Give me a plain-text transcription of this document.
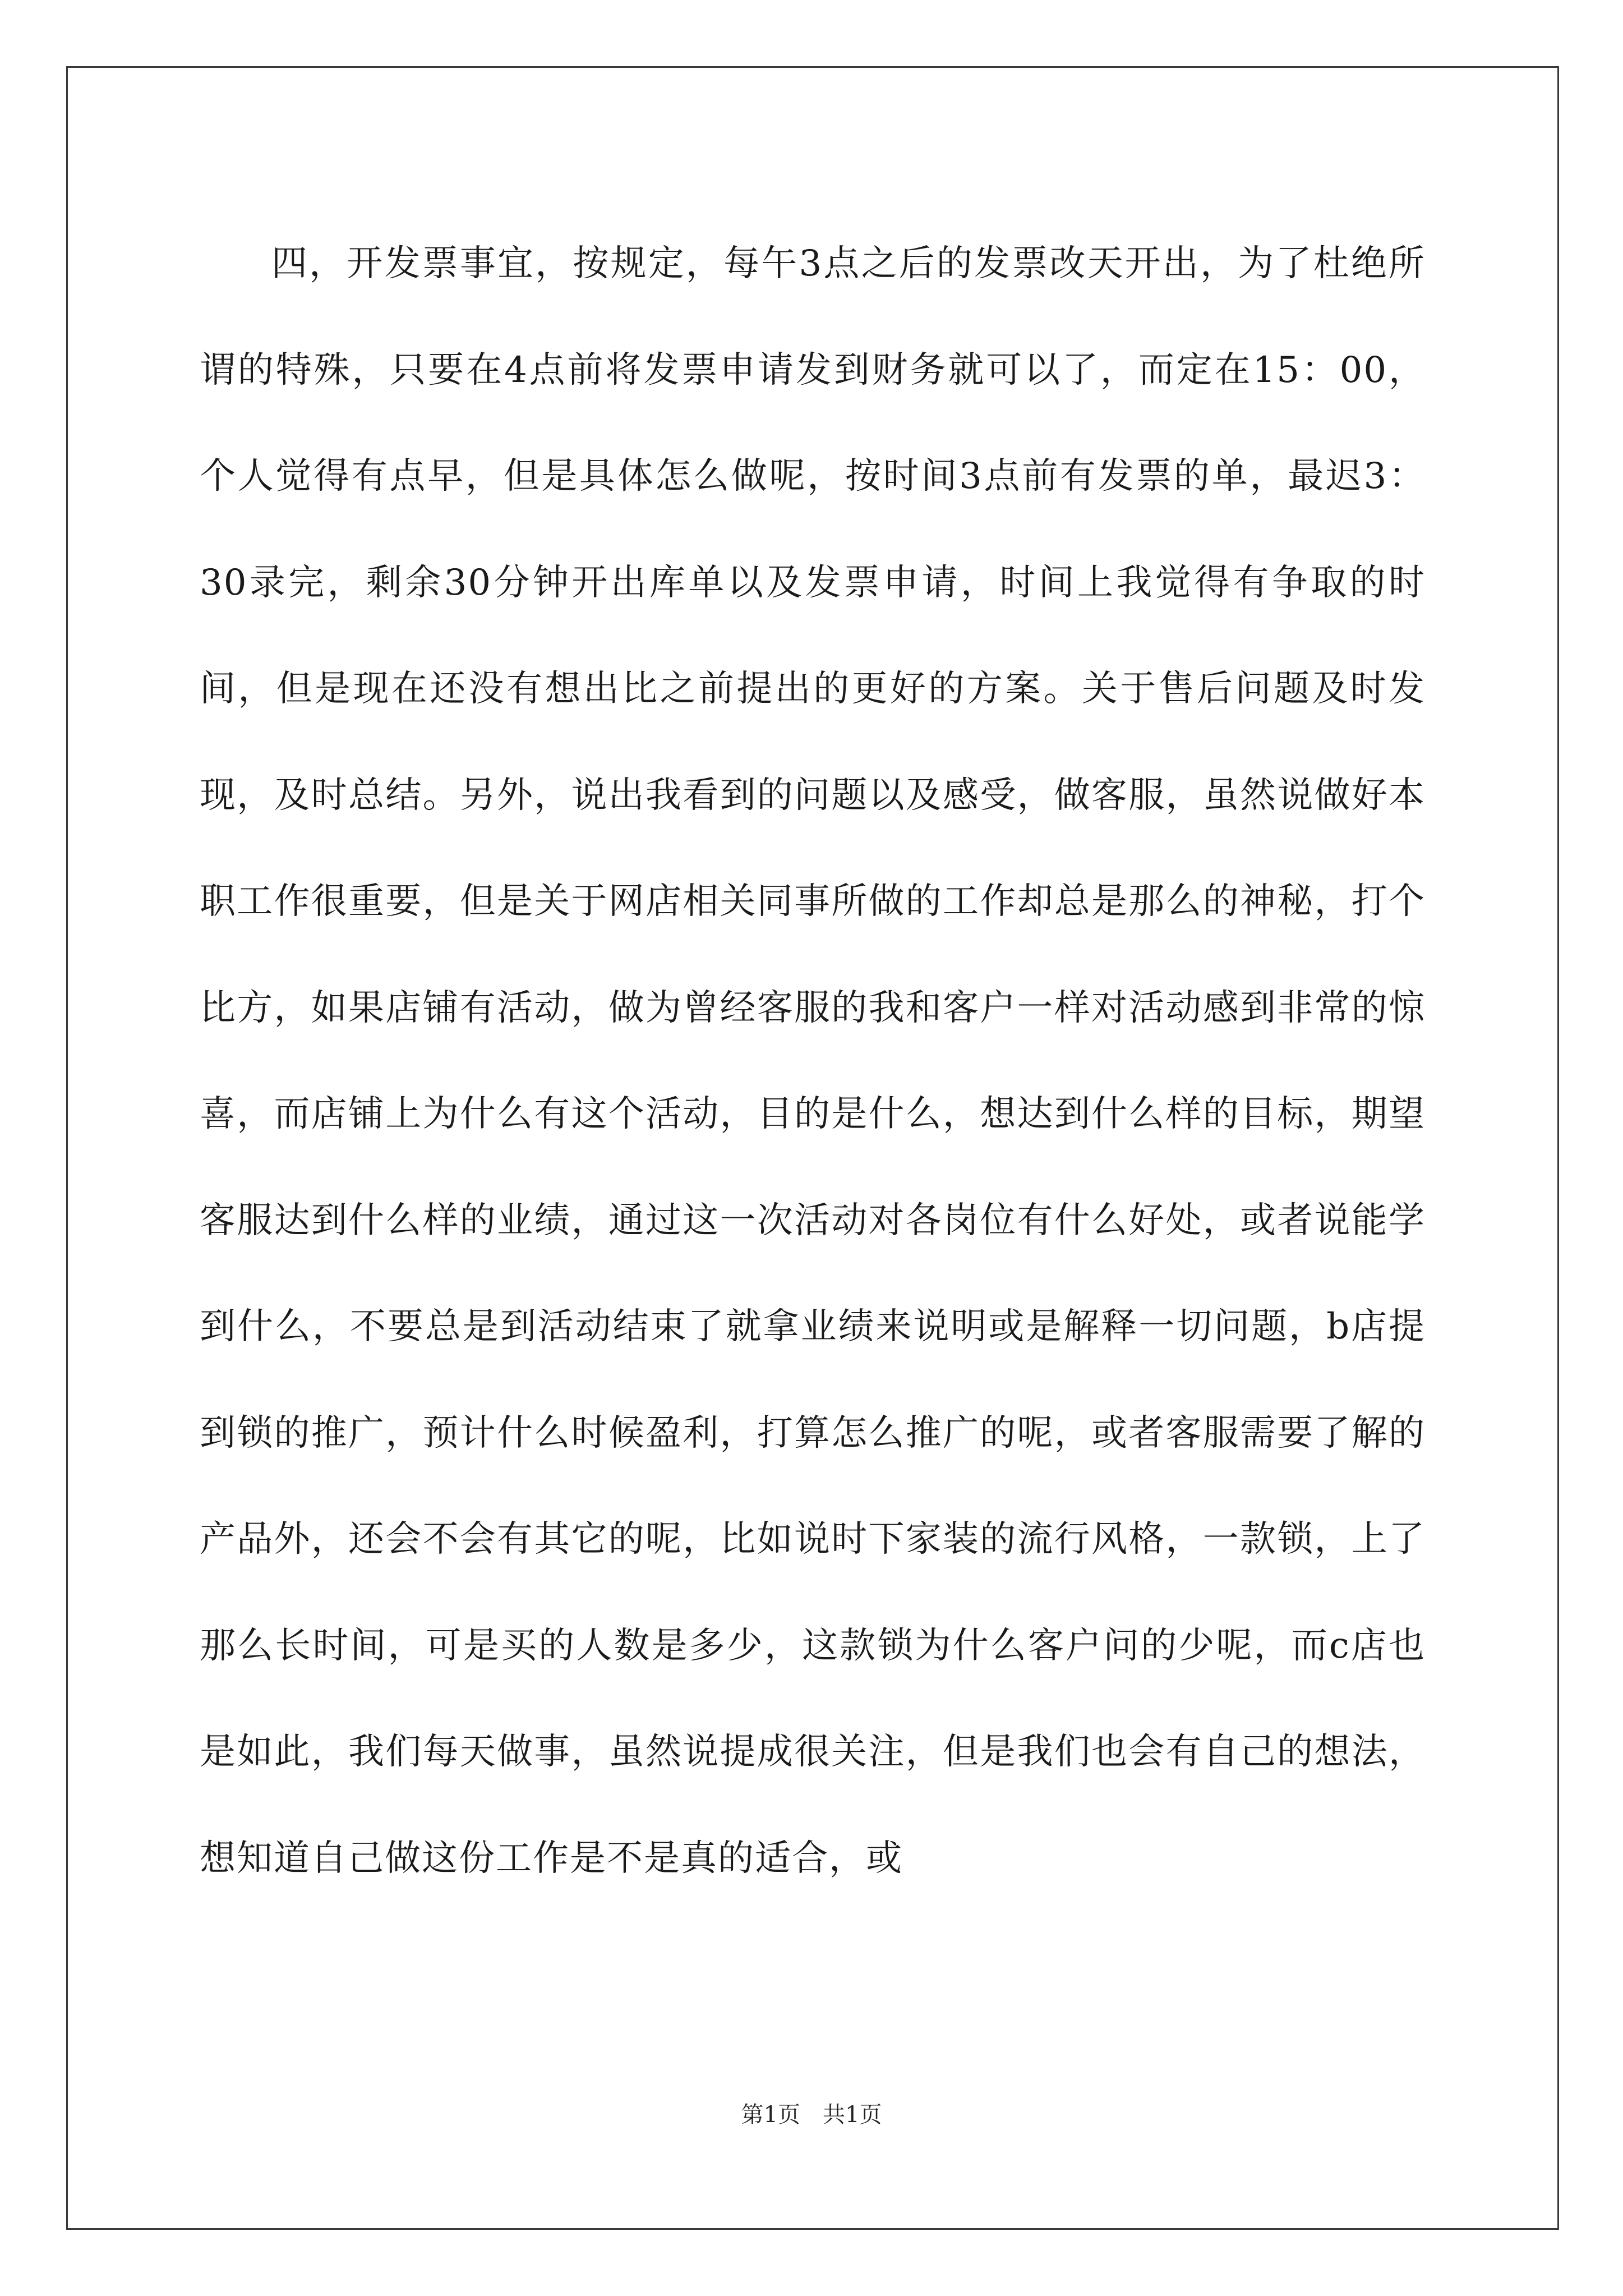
四，开发票事宜，按规定，每午3点之后的发票改天开出，为了杜绝所谓的特殊，只要在4点前将发票申请发到财务就可以了，而定在15：00，个人觉得有点早，但是具体怎么做呢，按时间3点前有发票的单，最迟3：30录完，剩余30分钟开出库单以及发票申请，时间上我觉得有争取的时间，但是现在还没有想出比之前提出的更好的方案。关于售后问题及时发现，及时总结。另外，说出我看到的问题以及感受，做客服，虽然说做好本职工作很重要，但是关于网店相关同事所做的工作却总是那么的神秘，打个比方，如果店铺有活动，做为曾经客服的我和客户一样对活动感到非常的惊喜，而店铺上为什么有这个活动，目的是什么，想达到什么样的目标，期望客服达到什么样的业绩，通过这一次活动对各岗位有什么好处，或者说能学到什么，不要总是到活动结束了就拿业绩来说明或是解释一切问题，b店提到锁的推广，预计什么时候盈利，打算怎么推广的呢，或者客服需要了解的产品外，还会不会有其它的呢，比如说时下家装的流行风格，一款锁，上了那么长时间，可是买的人数是多少，这款锁为什么客户问的少呢，而c店也是如此，我们每天做事，虽然说提成很关注，但是我们也会有自己的想法，想知道自己做这份工作是不是真的适合，或

第1页　共1页
